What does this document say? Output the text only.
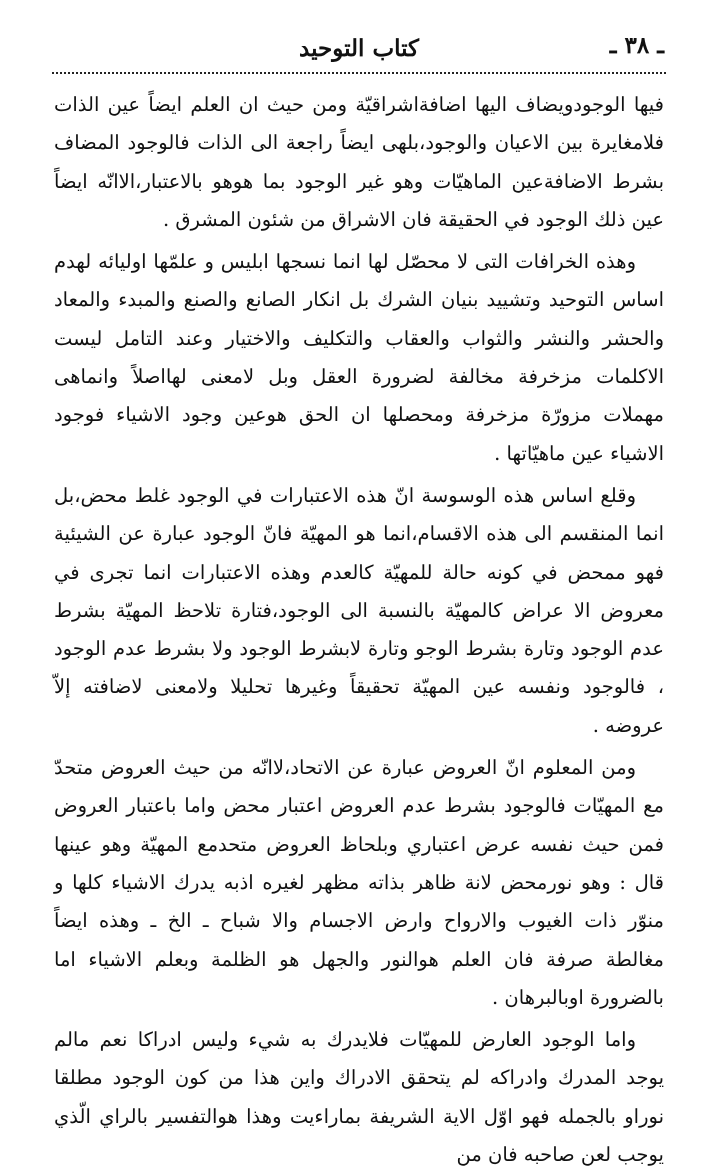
ـ ٣٨ ـ
كتاب التوحيد

فيها الوجودويضاف اليها اضافةاشراقيّة ومن حيث ان العلم ايضاً عين الذات فلامغايرة بين الاعيان والوجود،بلهى ايضاً راجعة الى الذات فالوجود المضاف بشرط الاضافةعين الماهيّات وهو غير الوجود بما هوهو بالاعتبار،الاانّه ايضاً عين ذلك الوجود في الحقيقة فان الاشراق من شئون المشرق .

وهذه الخرافات التى لا محصّل لها انما نسجها ابليس و علمّها اوليائه لهدم اساس التوحيد وتشييد بنيان الشرك بل انكار الصانع والصنع والمبدء والمعاد والحشر والنشر والثواب والعقاب والتكليف والاختيار وعند التامل ليست الاكلمات مزخرفة مخالفة لضرورة العقل وبل لامعنى لهااصلاً وانماهى مهملات مزورّة مزخرفة ومحصلها ان الحق هوعين وجود الاشياء فوجود الاشياء عين ماهيّاتها .

وقلع اساس هذه الوسوسة انّ هذه الاعتبارات في الوجود غلط محض،بل انما المنقسم الى هذه الاقسام،انما هو المهيّة فانّ الوجود عبارة عن الشيئية فهو ممحض في كونه حالة للمهيّة كالعدم وهذه الاعتبارات انما تجرى في معروض الا عراض كالمهيّة بالنسبة الى الوجود،فتارة تلاحظ المهيّة بشرط عدم الوجود وتارة بشرط الوجو وتارة لابشرط الوجود ولا بشرط عدم الوجود ، فالوجود ونفسه عين المهيّة تحقيقاً وغيرها تحليلا ولامعنى لاضافته إلاّ عروضه .

ومن المعلوم انّ العروض عبارة عن الاتحاد،لاانّه من حيث العروض متحدّ مع المهيّات فالوجود بشرط عدم العروض اعتبار محض واما باعتبار العروض فمن حيث نفسه عرض اعتباري وبلحاظ العروض متحدمع المهيّة وهو عينها قال : وهو نورمحض لانة ظاهر بذاته مظهر لغيره اذبه يدرك الاشياء كلها و منوّر ذات الغيوب والارواح وارض الاجسام والا شباح ـ الخ ـ وهذه ايضاً مغالطة صرفة فان العلم هوالنور والجهل هو الظلمة وبعلم الاشياء اما بالضرورة اوبالبرهان .

واما الوجود العارض للمهيّات فلايدرك به شيء وليس ادراكا نعم مالم يوجد المدرك وادراكه لم يتحقق الادراك واين هذا من كون الوجود مطلقا نوراو بالجمله فهو اوّل الاية الشريفة بماراءيت وهذا هوالتفسير بالراي الّذي يوجب لعن صاحبه فان من
